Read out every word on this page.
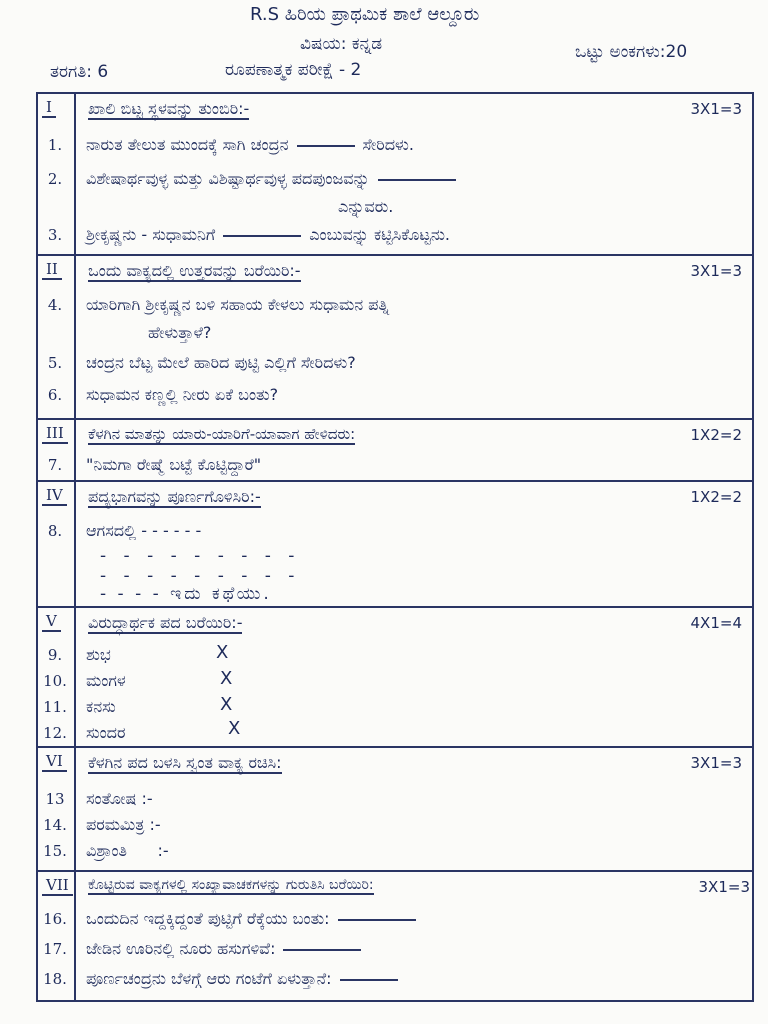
R.S ಹಿರಿಯ ಪ್ರಾಥಮಿಕ ಶಾಲೆ ಆಲ್ದೂರು
ವಿಷಯ: ಕನ್ನಡ	ಒಟ್ಟು ಅಂಕಗಳು:20
ತರಗತಿ: 6	ರೂಪಣಾತ್ಮಕ ಪರೀಕ್ಷೆ - 2
I ಖಾಲಿ ಬಿಟ್ಟ ಸ್ಥಳವನ್ನು ತುಂಬಿರಿ:-	3X1=3
1.	ನಾರುತ ತೇಲುತ ಮುಂದಕ್ಕೆ ಸಾಗಿ ಚಂದ್ರನ	ಸೇರಿದಳು.
2.	ವಿಶೇಷಾರ್ಥವುಳ್ಳ ಮತ್ತು ವಿಶಿಷ್ಟಾರ್ಥವುಳ್ಳ ಪದಪುಂಜವನ್ನು
ಎನ್ನುವರು.
3.	ಶ್ರೀಕೃಷ್ಣನು - ಸುಧಾಮನಿಗೆ	ಎಂಬುವನ್ನು ಕಟ್ಟಿಸಿಕೊಟ್ಟನು.
II ಒಂದು ವಾಕ್ಯದಲ್ಲಿ ಉತ್ತರವನ್ನು ಬರೆಯಿರಿ:-	3X1=3
4.	ಯಾರಿಗಾಗಿ ಶ್ರೀಕೃಷ್ಣನ ಬಳಿ ಸಹಾಯ ಕೇಳಲು ಸುಧಾಮನ ಪತ್ನಿ
ಹೇಳುತ್ತಾಳೆ?
5.	ಚಂದ್ರನ ಬೆಟ್ಟ ಮೇಲೆ ಹಾರಿದ ಪುಟ್ಟಿ ಎಲ್ಲಿಗೆ ಸೇರಿದಳು?
6.	ಸುಧಾಮನ ಕಣ್ಣಲ್ಲಿ ನೀರು ಏಕೆ ಬಂತು?
III ಕೆಳಗಿನ ಮಾತನ್ನು ಯಾರು-ಯಾರಿಗೆ-ಯಾವಾಗ ಹೇಳಿದರು:	1X2=2
7.	"ನಿಮಗಾ ರೇಷ್ಮೆ ಬಟ್ಟೆ ಕೊಟ್ಟಿದ್ದಾರೆ"
IV ಪದ್ಯಭಾಗವನ್ನು ಪೂರ್ಣಗೊಳಿಸಿರಿ:-	1X2=2
8.	ಆಗಸದಲ್ಲಿ - - - - - -
- - - - - - - - -
- - - - - - - - -
- - - - ಇದು ಕಥೆಯು.
V ವಿರುದ್ಧಾರ್ಥಕ ಪದ ಬರೆಯಿರಿ:-	4X1=4
9.	ಶುಭ	X
10. ಮಂಗಳ	X
11. ಕನಸು	X
12. ಸುಂದರ	X
VI ಕೆಳಗಿನ ಪದ ಬಳಸಿ ಸ್ವಂತ ವಾಕ್ಯ ರಚಿಸಿ:	3X1=3
13 ಸಂತೋಷ :-
14. ಪರಮಮಿತ್ರ :-
15. ವಿಶ್ರಾಂತಿ      :-
VII ಕೊಟ್ಟಿರುವ ವಾಕ್ಯಗಳಲ್ಲಿ ಸಂಖ್ಯಾವಾಚಕಗಳನ್ನು ಗುರುತಿಸಿ ಬರೆಯಿರಿ:	3X1=3
16. ಒಂದುದಿನ ಇದ್ದಕ್ಕಿದ್ದಂತೆ ಪುಟ್ಟಿಗೆ ರೆಕ್ಕೆಯು ಬಂತು:
17. ಜೇಡಿನ ಊರಿನಲ್ಲಿ ನೂರು ಹಸುಗಳಿವೆ:
18. ಪೂರ್ಣಚಂದ್ರನು ಬೆಳಗ್ಗೆ ಆರು ಗಂಟೆಗೆ ಏಳುತ್ತಾನೆ:
